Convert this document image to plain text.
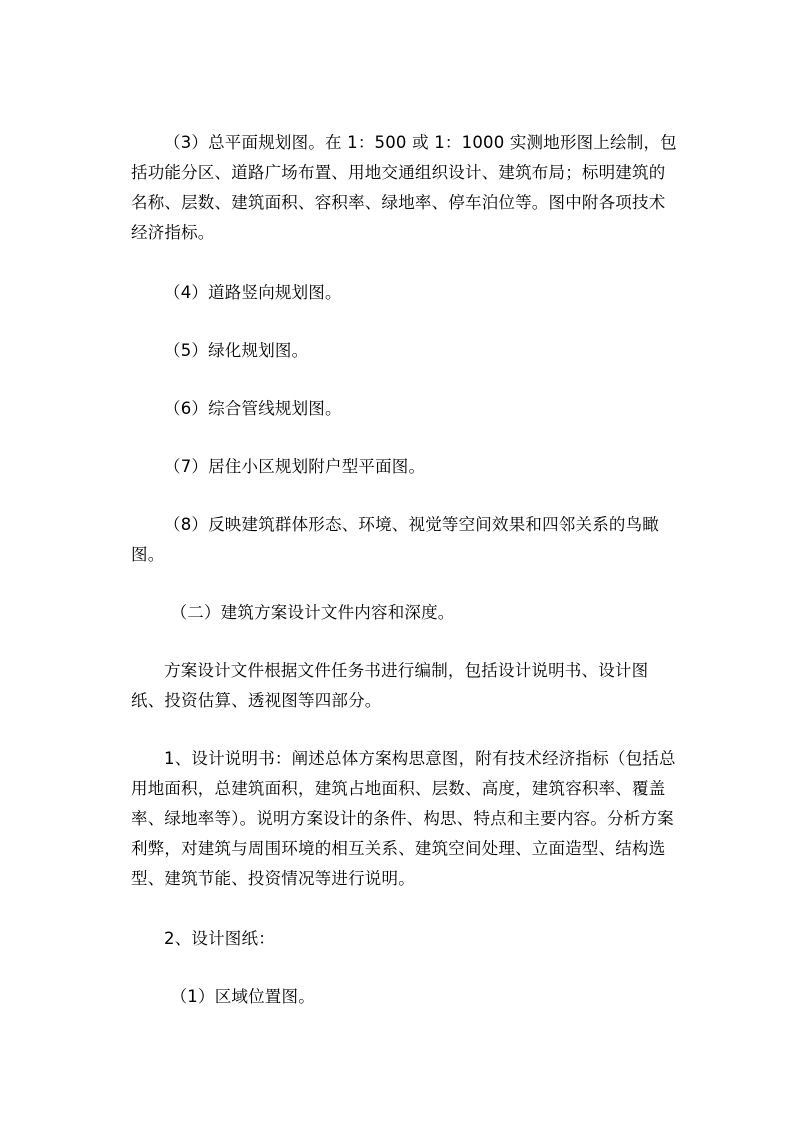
（3）总平面规划图。在 1：500 或 1：1000 实测地形图上绘制，包括功能分区、道路广场布置、用地交通组织设计、建筑布局；标明建筑的名称、层数、建筑面积、容积率、绿地率、停车泊位等。图中附各项技术经济指标。

（4）道路竖向规划图。

（5）绿化规划图。

（6）综合管线规划图。

（7）居住小区规划附户型平面图。

（8）反映建筑群体形态、环境、视觉等空间效果和四邻关系的鸟瞰图。

（二）建筑方案设计文件内容和深度。

方案设计文件根据文件任务书进行编制，包括设计说明书、设计图纸、投资估算、透视图等四部分。

1、设计说明书：阐述总体方案构思意图，附有技术经济指标（包括总用地面积，总建筑面积，建筑占地面积、层数、高度，建筑容积率、覆盖率、绿地率等）。说明方案设计的条件、构思、特点和主要内容。分析方案利弊，对建筑与周围环境的相互关系、建筑空间处理、立面造型、结构选型、建筑节能、投资情况等进行说明。

2、设计图纸：

（1）区域位置图。
